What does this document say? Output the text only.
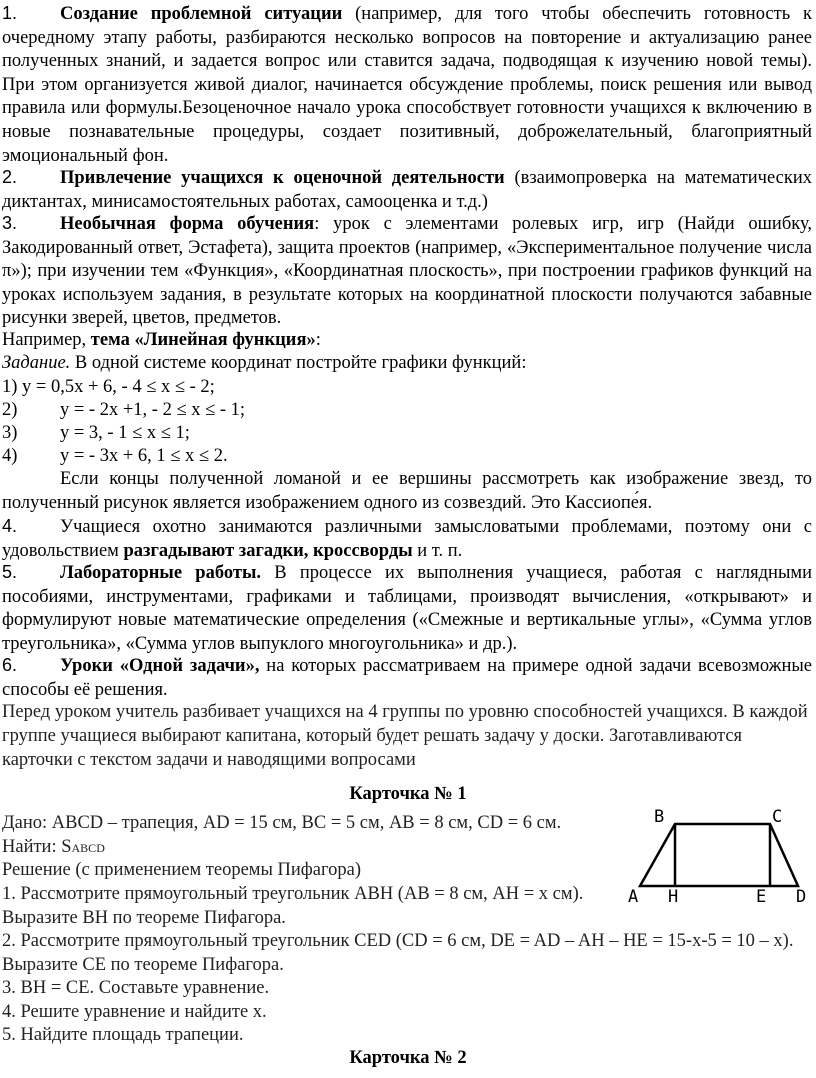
1. Создание проблемной ситуации (например, для того чтобы обеспечить готовность к очередному этапу работы, разбираются несколько вопросов на повторение и актуализацию ранее полученных знаний, и задается вопрос или ставится задача, подводящая к изучению новой темы). При этом организуется живой диалог, начинается обсуждение проблемы, поиск решения или вывод правила или формулы.Безоценочное начало урока способствует готовности учащихся к включению в новые познавательные процедуры, создает позитивный, доброжелательный, благоприятный эмоциональный фон.
2. Привлечение учащихся к оценочной деятельности (взаимопроверка на математических диктантах, минисамостоятельных работах, самооценка и т.д.)
3. Необычная форма обучения: урок с элементами ролевых игр, игр (Найди ошибку, Закодированный ответ, Эстафета), защита проектов (например, «Экспериментальное получение числа π»); при изучении тем «Функция», «Координатная плоскость», при построении графиков функций на уроках используем задания, в результате которых на координатной плоскости получаются забавные рисунки зверей, цветов, предметов.
Например, тема «Линейная функция»:
Задание. В одной системе координат постройте графики функций:
1) y = 0,5x + 6, - 4 ≤ x ≤ - 2;
2) y = - 2x +1, - 2 ≤ x ≤ - 1;
3) y = 3, - 1 ≤ x ≤ 1;
4) y = - 3x + 6, 1 ≤ x ≤ 2.
Если концы полученной ломаной и ее вершины рассмотреть как изображение звезд, то полученный рисунок является изображением одного из созвездий. Это Кассиопе́я.
4. Учащиеся охотно занимаются различными замысловатыми проблемами, поэтому они с удовольствием разгадывают загадки, кроссворды и т. п.
5. Лабораторные работы. В процессе их выполнения учащиеся, работая с наглядными пособиями, инструментами, графиками и таблицами, производят вычисления, «открывают» и формулируют новые математические определения («Смежные и вертикальные углы», «Сумма углов треугольника», «Сумма углов выпуклого многоугольника» и др.).
6. Уроки «Одной задачи», на которых рассматриваем на примере одной задачи всевозможные способы её решения.
Перед уроком учитель разбивает учащихся на 4 группы по уровню способностей учащихся. В каждой группе учащиеся выбирают капитана, который будет решать задачу у доски. Заготавливаются карточки с текстом задачи и наводящими вопросами
Карточка № 1
Дано: ABCD – трапеция, AD = 15 см, BC = 5 см, AB = 8 см, CD = 6 см.
Найти: SABCD
Решение (с применением теоремы Пифагора)
1. Рассмотрите прямоугольный треугольник ABH (AB = 8 см, AH = x см). Выразите BH по теореме Пифагора.
2. Рассмотрите прямоугольный треугольник CED (CD = 6 см, DE = AD – AH – HE = 15-x-5 = 10 – x). Выразите CE по теореме Пифагора.
3. BH = CE. Составьте уравнение.
4. Решите уравнение и найдите x.
5. Найдите площадь трапеции.
B	C
A H	E D
Карточка № 2
